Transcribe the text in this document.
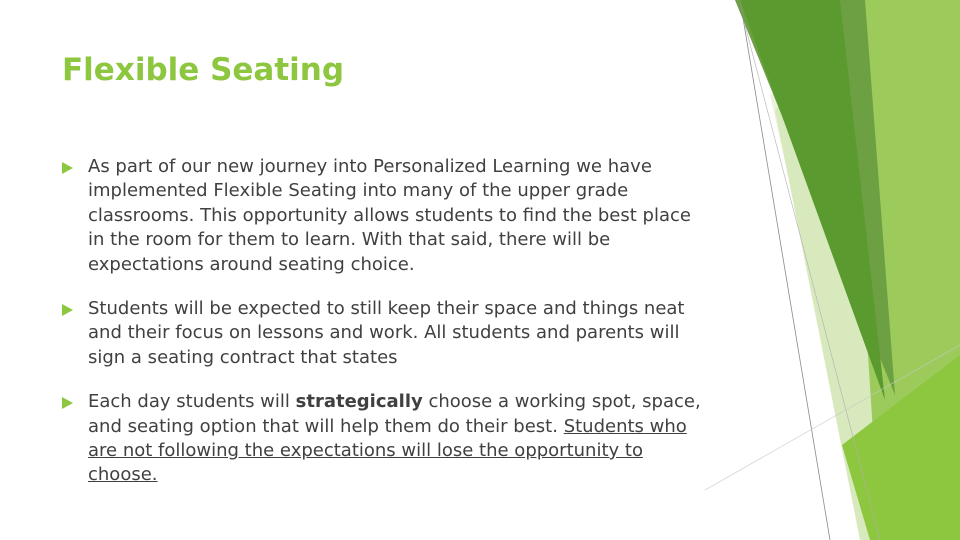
Flexible Seating
As part of our new journey into Personalized Learning we have implemented Flexible Seating into many of the upper grade classrooms. This opportunity allows students to find the best place in the room for them to learn. With that said, there will be expectations around seating choice.
Students will be expected to still keep their space and things neat and their focus on lessons and work. All students and parents will sign a seating contract that states
Each day students will strategically choose a working spot, space, and seating option that will help them do their best. Students who are not following the expectations will lose the opportunity to choose.
